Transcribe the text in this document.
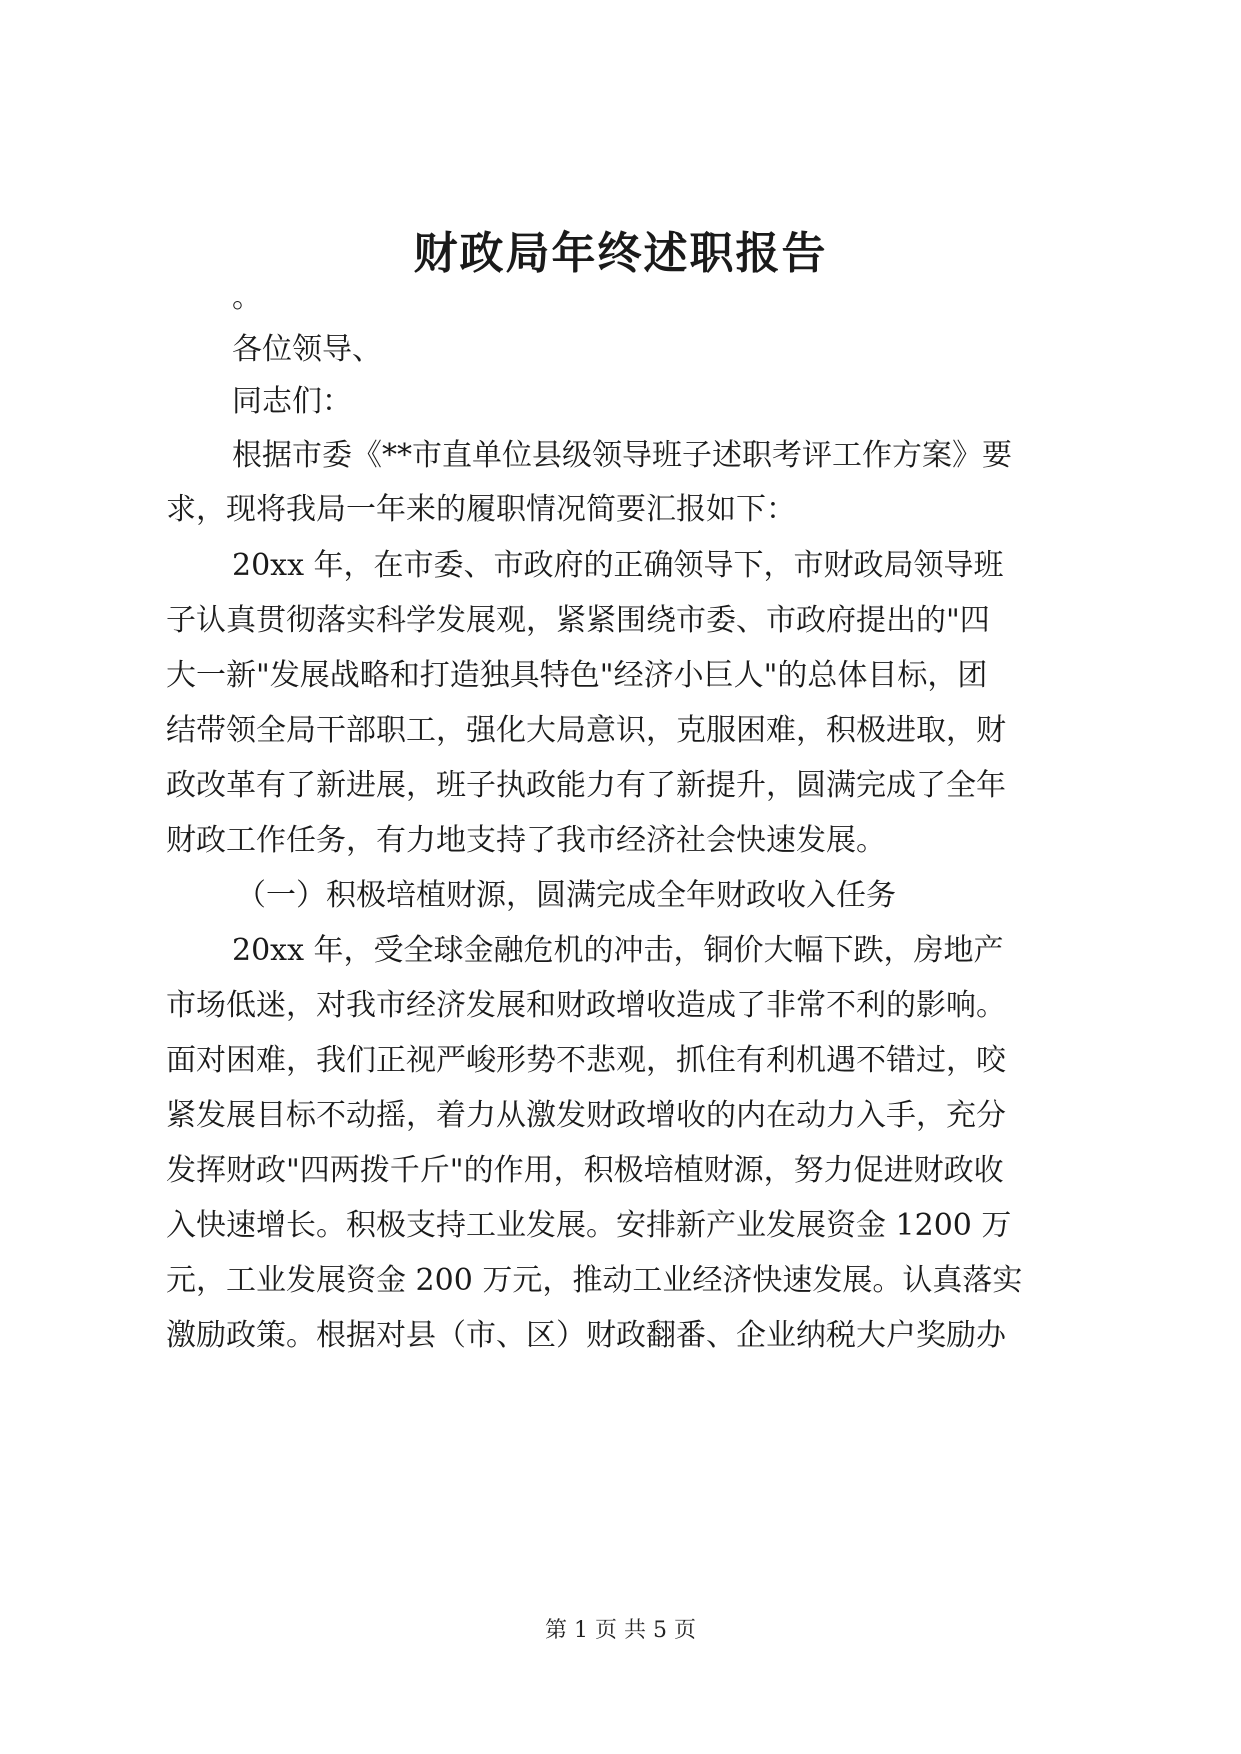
财政局年终述职报告
。
各位领导、
同志们：
根据市委《**市直单位县级领导班子述职考评工作方案》要
求，现将我局一年来的履职情况简要汇报如下：
20xx 年，在市委、市政府的正确领导下，市财政局领导班
子认真贯彻落实科学发展观，紧紧围绕市委、市政府提出的"四
大一新"发展战略和打造独具特色"经济小巨人"的总体目标，团
结带领全局干部职工，强化大局意识，克服困难，积极进取，财
政改革有了新进展，班子执政能力有了新提升，圆满完成了全年
财政工作任务，有力地支持了我市经济社会快速发展。
（一）积极培植财源，圆满完成全年财政收入任务
20xx 年，受全球金融危机的冲击，铜价大幅下跌，房地产
市场低迷，对我市经济发展和财政增收造成了非常不利的影响。
面对困难，我们正视严峻形势不悲观，抓住有利机遇不错过，咬
紧发展目标不动摇，着力从激发财政增收的内在动力入手，充分
发挥财政"四两拨千斤"的作用，积极培植财源，努力促进财政收
入快速增长。积极支持工业发展。安排新产业发展资金 1200 万
元，工业发展资金 200 万元，推动工业经济快速发展。认真落实
激励政策。根据对县（市、区）财政翻番、企业纳税大户奖励办
第 1 页 共 5 页
